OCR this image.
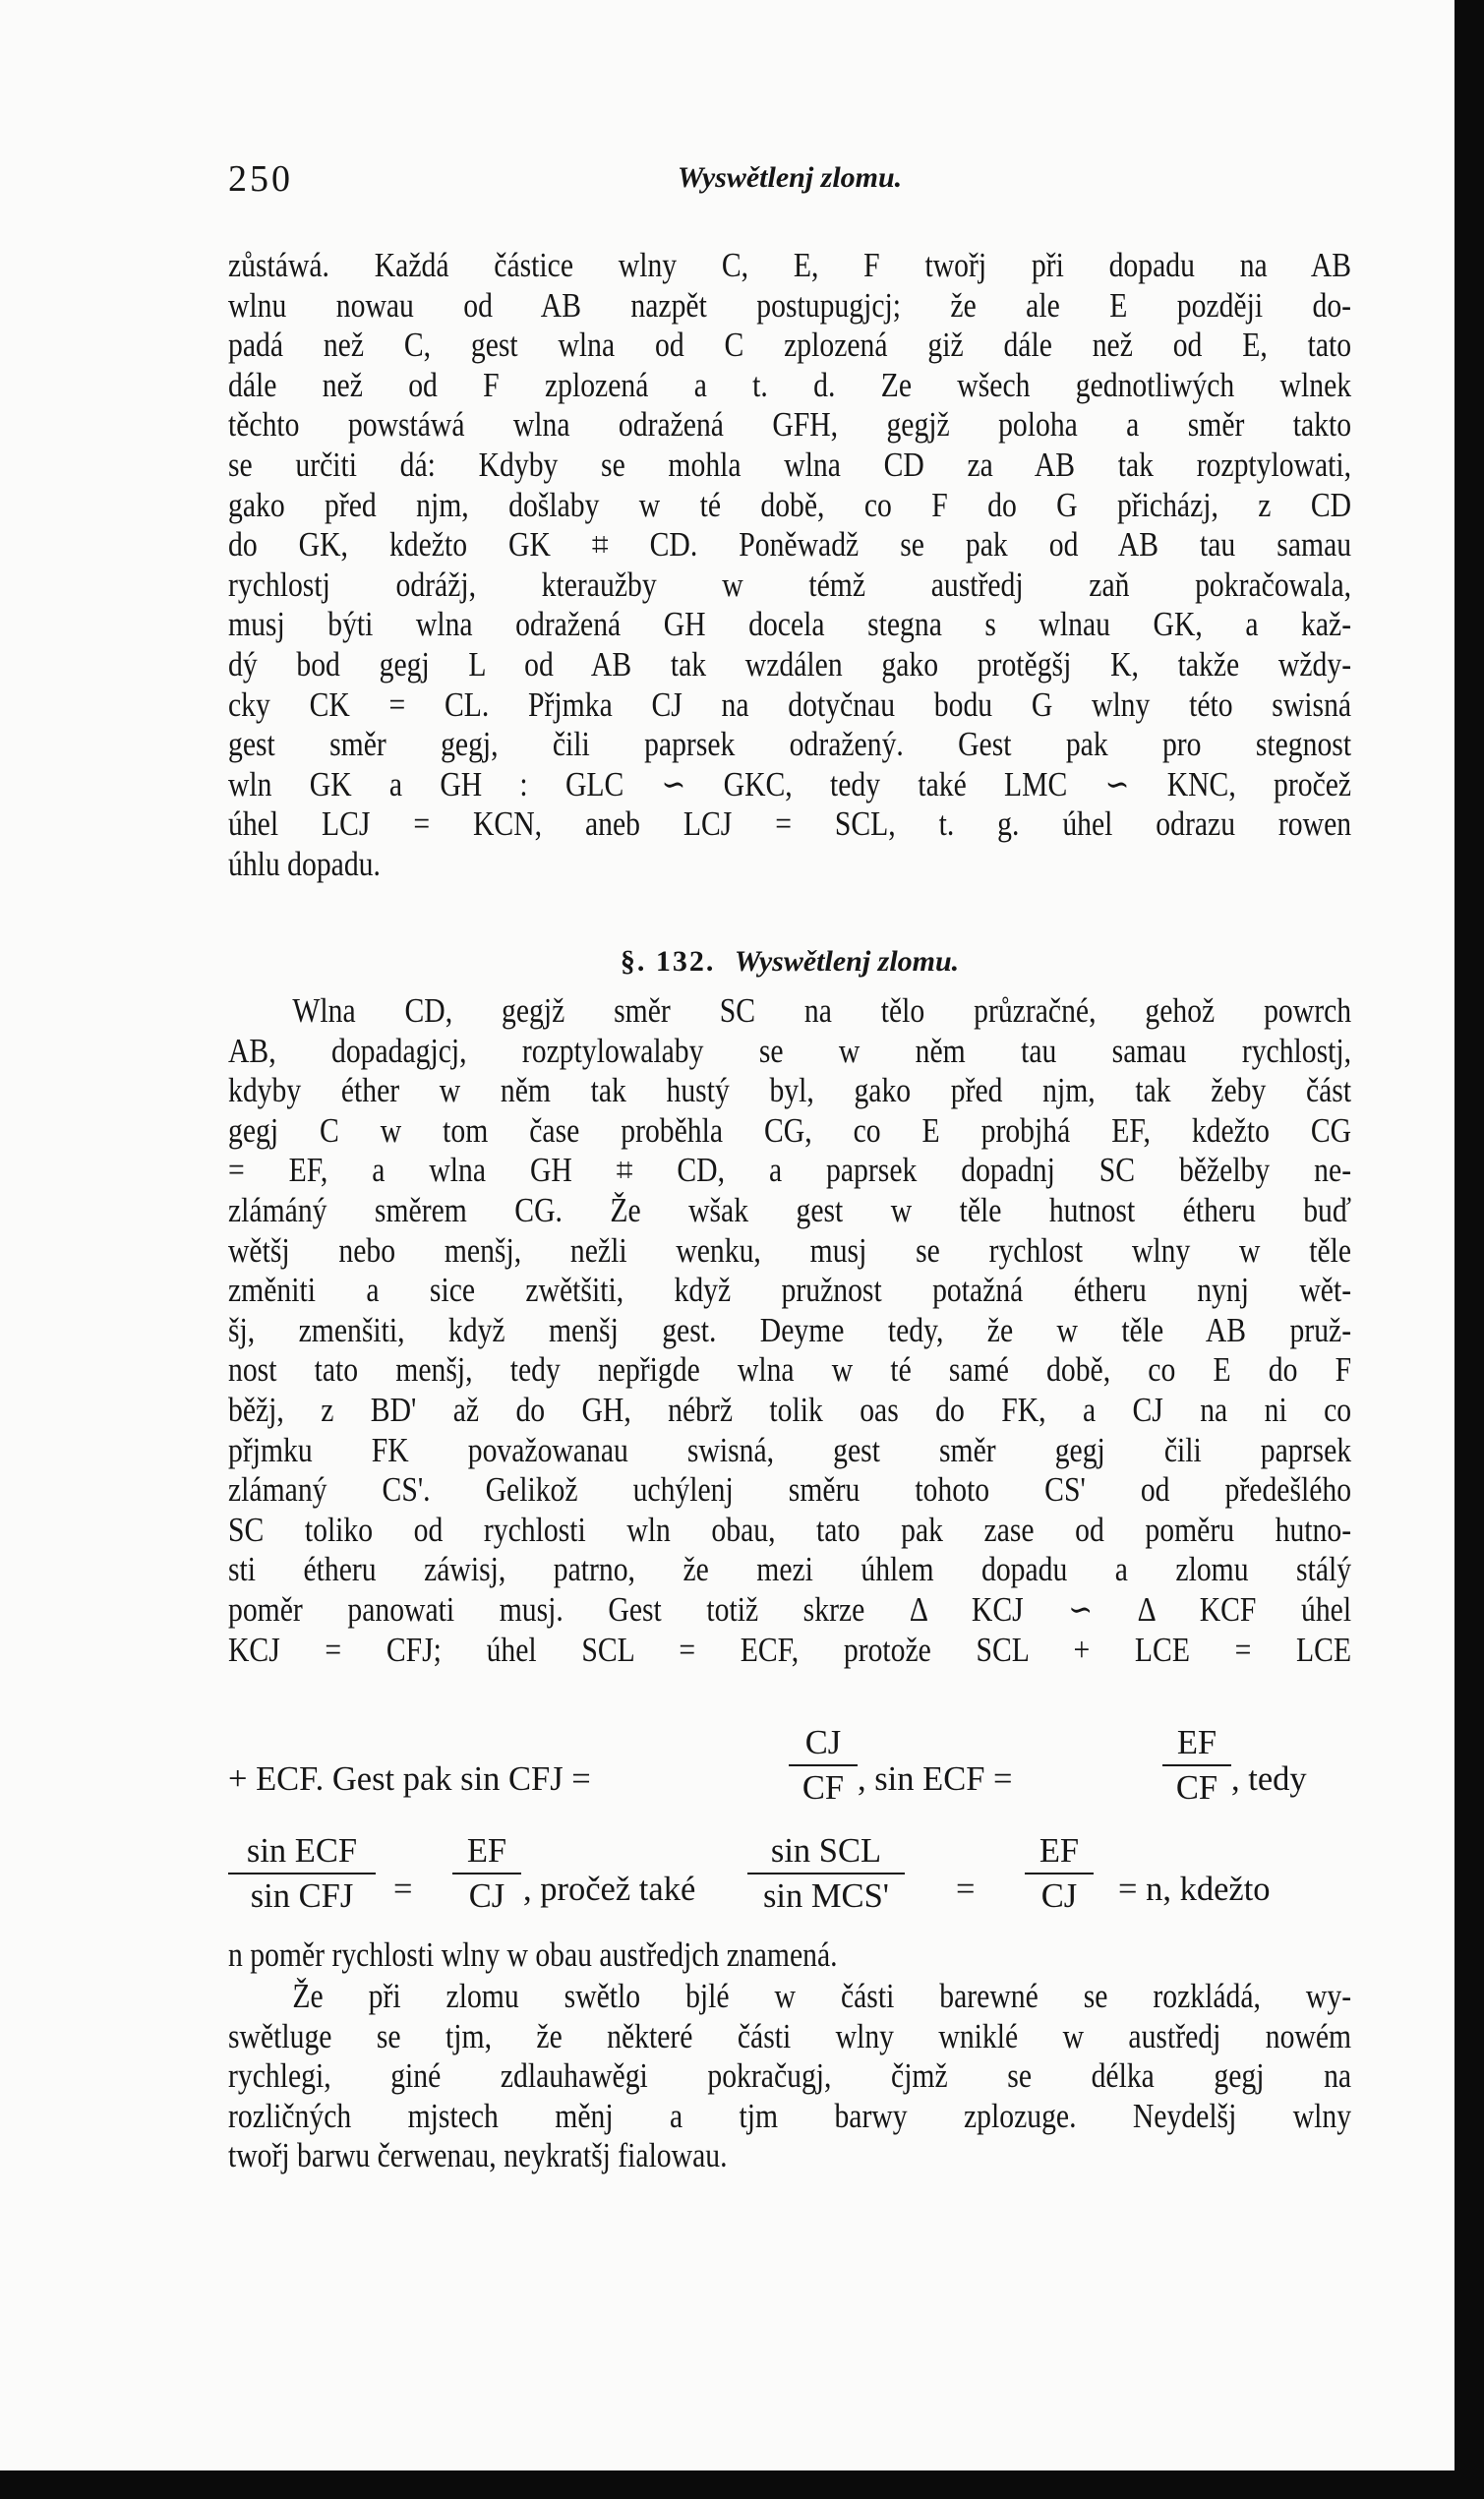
250	Wyswětlenj zlomu.
zůstáwá. Každá částice wlny C, E, F twořj při dopadu na AB
wlnu nowau od AB nazpět postupugjcj; že ale E později do-
padá než C, gest wlna od C zplozená giž dále než od E, tato
dále než od F zplozená a t. d. Ze wšech gednotliwých wlnek
těchto powstáwá wlna odražená GFH, gegjž poloha a směr takto
se určiti dá: Kdyby se mohla wlna CD za AB tak rozptylowati,
gako před njm, došlaby w té době, co F do G přicházj, z CD
do GK, kdežto GK ⌗ CD. Poněwadž se pak od AB tau samau
rychlostj odrážj, kteraužby w témž austředj zaň pokračowala,
musj býti wlna odražená GH docela stegna s wlnau GK, a kaž-
dý bod gegj L od AB tak wzdálen gako protěgšj K, takže wždy-
cky CK = CL. Přjmka CJ na dotyčnau bodu G wlny této swisná
gest směr gegj, čili paprsek odražený. Gest pak pro stegnost
wln GK a GH : GLC ∽ GKC, tedy také LMC ∽ KNC, pročež
úhel LCJ = KCN, aneb LCJ = SCL, t. g. úhel odrazu rowen
úhlu dopadu.
§. 132. Wyswětlenj zlomu.
Wlna CD, gegjž směr SC na tělo průzračné, gehož powrch
AB, dopadagjcj, rozptylowalaby se w něm tau samau rychlostj,
kdyby éther w něm tak hustý byl, gako před njm, tak žeby část
gegj C w tom čase proběhla CG, co E probjhá EF, kdežto CG
= EF, a wlna GH ⌗ CD, a paprsek dopadnj SC běželby ne-
zlámáný směrem CG. Že wšak gest w těle hutnost étheru buď
wětšj nebo menšj, nežli wenku, musj se rychlost wlny w těle
změniti a sice zwětšiti, když pružnost potažná étheru nynj wět-
šj, zmenšiti, když menšj gest. Deyme tedy, že w těle AB pruž-
nost tato menšj, tedy nepřigde wlna w té samé době, co E do F
běžj, z BD' až do GH, nébrž tolik oas do FK, a CJ na ni co
přjmku FK považowanau swisná, gest směr gegj čili paprsek
zlámaný CS'. Gelikož uchýlenj směru tohoto CS' od předešlého
SC toliko od rychlosti wln obau, tato pak zase od poměru hutno-
sti étheru záwisj, patrno, že mezi úhlem dopadu a zlomu stálý
poměr panowati musj. Gest totiž skrze Δ KCJ ∽ Δ KCF úhel
KCJ = CFJ; úhel SCL = ECF, protože SCL + LCE = LCE
+ ECF. Gest pak sin CFJ =
CJ
CF , sin ECF =
EF
CF , tedy
sin ECF
sin CFJ	=
EF
CJ , pročež také
sin SCL
sin MCS'	=
EF
CJ	= n, kdežto
n poměr rychlosti wlny w obau austředjch znamená.
Že při zlomu swětlo bjlé w části barewné se rozkládá, wy-
swětluge se tjm, že některé části wlny wniklé w austředj nowém
rychlegi, giné zdlauhawěgi pokračugj, čjmž se délka gegj na
rozličných mjstech měnj a tjm barwy zplozuge. Neydelšj wlny
twořj barwu čerwenau, neykratšj fialowau.
